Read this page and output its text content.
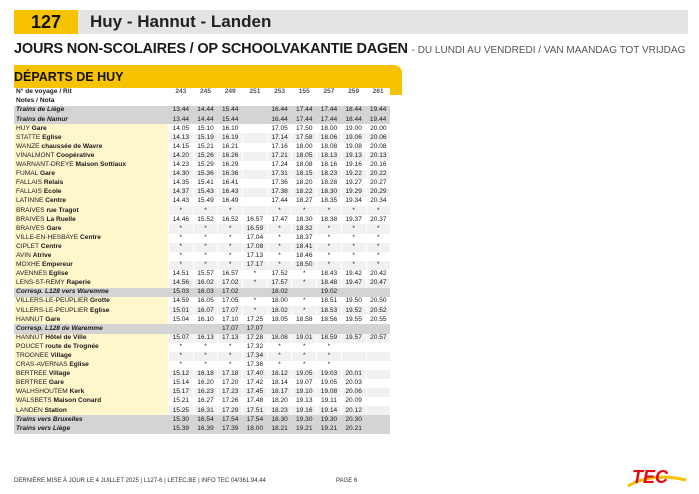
127	Huy - Hannut - Landen
JOURS NON-SCOLAIRES / OP SCHOOLVAKANTIE DAGEN - DU LUNDI AU VENDREDI / VAN MAANDAG TOT VRIJDAG
DÉPARTS DE HUY
N° de voyage / Rit	243	245	249	251	253	155	257	259	261
Notes / Nota									
Trains de Liège	13.44	14.44	15.44		16.44	17.44	17.44	18.44	19.44
Trains de Namur	13.44	14.44	15.44		16.44	17.44	17.44	18.44	19.44
HUY Gare	14.05	15.10	16.10		17.05	17.50	18.00	19.00	20.00
STATTE Eglise	14.13	15.19	16.19		17.14	17.58	18.06	19.06	20.06
WANZE chaussée de Wavre	14.15	15.21	16.21		17.16	18.00	18.08	19.08	20.08
VINALMONT Coopérative	14.20	15.26	16.26		17.21	18.05	18.13	19.13	20.13
WARNANT-DREYE Maison Sottiaux	14.23	15.29	16.29		17.24	18.08	18.16	19.16	20.16
FUMAL Gare	14.30	15.36	16.36		17.31	18.15	18.23	19.22	20.22
FALLAIS Relais	14.35	15.41	16.41		17.36	18.20	18.28	19.27	20.27
FALLAIS Ecole	14.37	15.43	16.43		17.38	18.22	18.30	19.29	20.29
LATINNE Centre	14.43	15.49	16.49		17.44	18.27	18.35	19.34	20.34
BRAIVES rue Tragot	*	*	*		*	*	*	*	*
BRAIVES La Ruelle	14.46	15.52	16.52	16.57	17.47	18.30	18.38	19.37	20.37
BRAIVES Gare	*	*	*	16.59	*	18.32	*	*	*
VILLE-EN-HESBAYE Centre	*	*	*	17.04	*	18.37	*	*	*
CIPLET Centre	*	*	*	17.08	*	18.41	*	*	*
AVIN Atrive	*	*	*	17.13	*	18.46	*	*	*
MOXHE Empereur	*	*	*	17.17	*	18.50	*	*	*
AVENNES Eglise	14.51	15.57	16.57	*	17.52	*	18.43	19.42	20.42
LENS-ST-REMY Raperie	14.56	16.02	17.02	*	17.57	*	18.48	19.47	20.47
Corresp. L128 vers Waremme	15.03	16.03	17.02		18.02		19.02		
VILLERS-LE-PEUPLIER Grotte	14.59	16.05	17.05	*	18.00	*	18.51	19.50	20.50
VILLERS-LE-PEUPLIER Eglise	15.01	16.07	17.07	*	18.02	*	18.53	19.52	20.52
HANNUT Gare	15.04	16.10	17.10	17.25	18.05	18.58	18.56	19.55	20.55
Corresp. L128 de Waremme			17.07	17.07					
HANNUT Hôtel de Ville	15.07	16.13	17.13	17.28	18.08	19.01	18.59	19.57	20.57
POUCET route de Trognée	*	*	*	17.32	*	*	*		
TROGNÉE Village	*	*	*	17.34	*	*	*		
CRAS-AVERNAS Eglise	*	*	*	17.36	*	*	*		
BERTRÉE Village	15.12	16.18	17.18	17.40	18.12	19.05	19.03	20.01	
BERTRÉE Gare	15.14	16.20	17.20	17.42	18.14	19.07	19.05	20.03	
WALHSHOUTEM Kerk	15.17	16.23	17.23	17.45	18.17	19.10	19.08	20.06	
WALSBETS Maison Conard	15.21	16.27	17.26	17.48	18.20	19.13	19.11	20.09	
LANDEN Station	15.25	16.31	17.29	17.51	18.23	19.16	19.14	20.12	
Trains vers Bruxelles	15.30	16.54	17.54	17.54	18.30	19.30	19.30	20.30	
Trains vers Liège	15.39	16.39	17.39	18.00	18.21	19.21	19.21	20.21	
DERNIÈRE MISE À JOUR LE 4 JUILLET 2025 | L127-6 | LETEC.BE | INFO TEC 04/361.94.44	PAGE 6	TEC
